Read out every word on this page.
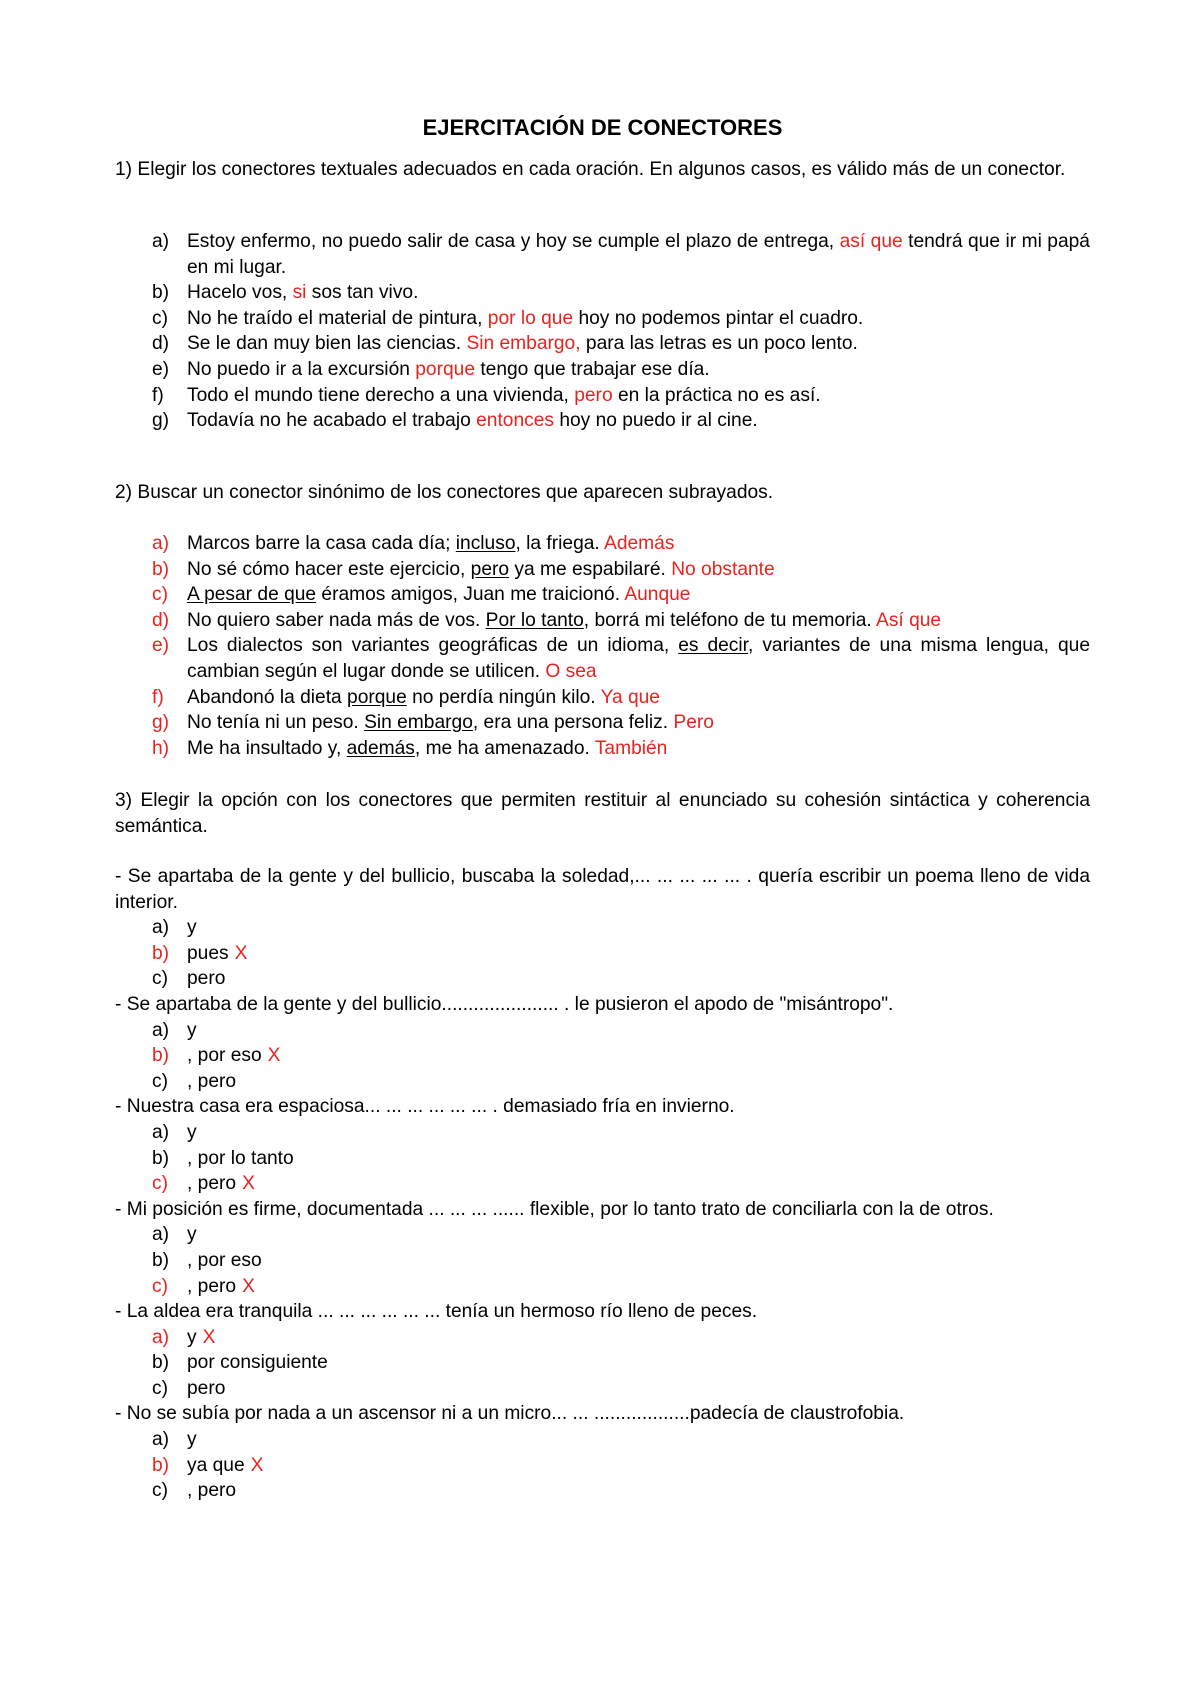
EJERCITACIÓN DE CONECTORES

1) Elegir los conectores textuales adecuados en cada oración. En algunos casos, es válido más de un conector.

a) Estoy enfermo, no puedo salir de casa y hoy se cumple el plazo de entrega, así que tendrá que ir mi papá en mi lugar.
b) Hacelo vos, si sos tan vivo.
c) No he traído el material de pintura, por lo que hoy no podemos pintar el cuadro.
d) Se le dan muy bien las ciencias. Sin embargo, para las letras es un poco lento.
e) No puedo ir a la excursión porque tengo que trabajar ese día.
f) Todo el mundo tiene derecho a una vivienda, pero en la práctica no es así.
g) Todavía no he acabado el trabajo entonces hoy no puedo ir al cine.

2) Buscar un conector sinónimo de los conectores que aparecen subrayados.

a) Marcos barre la casa cada día; incluso, la friega. Además
b) No sé cómo hacer este ejercicio, pero ya me espabilaré. No obstante
c) A pesar de que éramos amigos, Juan me traicionó. Aunque
d) No quiero saber nada más de vos. Por lo tanto, borrá mi teléfono de tu memoria. Así que
e) Los dialectos son variantes geográficas de un idioma, es decir, variantes de una misma lengua, que cambian según el lugar donde se utilicen. O sea
f) Abandonó la dieta porque no perdía ningún kilo. Ya que
g) No tenía ni un peso. Sin embargo, era una persona feliz. Pero
h) Me ha insultado y, además, me ha amenazado. También

3) Elegir la opción con los conectores que permiten restituir al enunciado su cohesión sintáctica y coherencia semántica.

- Se apartaba de la gente y del bullicio, buscaba la soledad,... ... ... ... ... . quería escribir un poema lleno de vida interior.

a) y
b) pues X
c) pero

- Se apartaba de la gente y del bullicio...................... . le pusieron el apodo de "misántropo".

a) y
b) , por eso X
c) , pero

- Nuestra casa era espaciosa... ... ... ... ... ... . demasiado fría en invierno.

a) y
b) , por lo tanto
c) , pero X

- Mi posición es firme, documentada ... ... ... ...... flexible, por lo tanto trato de conciliarla con la de otros.

a) y
b) , por eso
c) , pero X

- La aldea era tranquila ... ... ... ... ... ... tenía un hermoso río lleno de peces.

a) y X
b) por consiguiente
c) pero

- No se subía por nada a un ascensor ni a un micro... ... ..................padecía de claustrofobia.

a) y
b) ya que X
c) , pero
